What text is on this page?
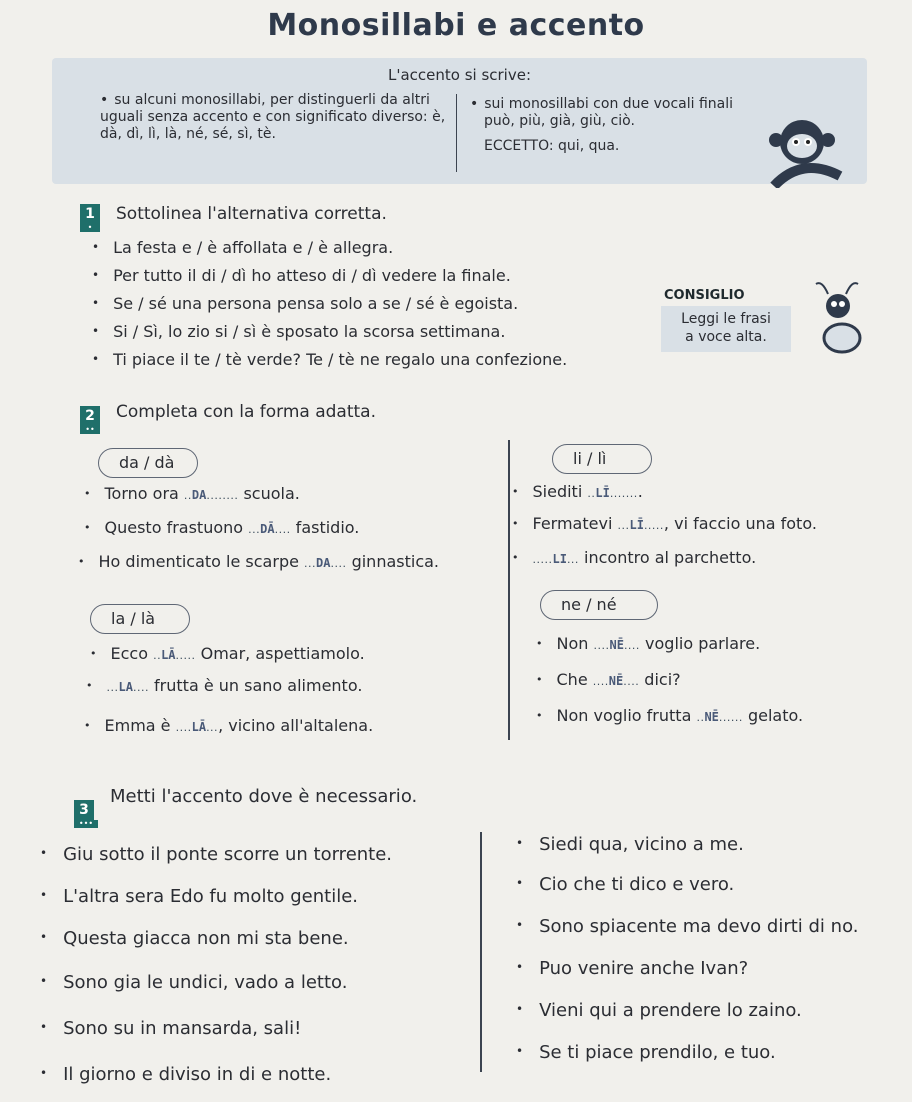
Monosillabi e accento
L'accento si scrive:
• su alcuni monosillabi, per distinguerli da altri uguali senza accento e con significato diverso: è, dà, dì, lì, là, né, sé, sì, tè.
• sui monosillabi con due vocali finali
può, più, già, giù, ciò.
ECCETTO: qui, qua.
1
•
Sottolinea l'alternativa corretta.
• La festa e / è affollata e / è allegra.
• Per tutto il di / dì ho atteso di / dì vedere la finale.
• Se / sé una persona pensa solo a se / sé è egoista.
• Si / Sì, lo zio si / sì è sposato la scorsa settimana.
• Ti piace il te / tè verde? Te / tè ne regalo una confezione.
CONSIGLIO
Leggi le frasi
a voce alta.
2
••
Completa con la forma adatta.
da / dà
• Torno ora ..DA........ scuola.
• Questo frastuono ...DĀ.... fastidio.
• Ho dimenticato le scarpe ...DA.... ginnastica.
li / lì
• Siediti ..LĪ........
• Fermatevi ...LĪ....., vi faccio una foto.
• .....LI... incontro al parchetto.
la / là
• Ecco ..LĀ..... Omar, aspettiamolo.
• ...LA.... frutta è un sano alimento.
• Emma è ....LĀ..., vicino all'altalena.
ne / né
• Non ....NĒ.... voglio parlare.
• Che ....NĒ.... dici?
• Non voglio frutta ..NĒ...... gelato.
3
•••
Metti l'accento dove è necessario.
• Giu sotto il ponte scorre un torrente.
• L'altra sera Edo fu molto gentile.
• Questa giacca non mi sta bene.
• Sono gia le undici, vado a letto.
• Sono su in mansarda, sali!
• Il giorno e diviso in di e notte.
• Siedi qua, vicino a me.
• Cio che ti dico e vero.
• Sono spiacente ma devo dirti di no.
• Puo venire anche Ivan?
• Vieni qui a prendere lo zaino.
• Se ti piace prendilo, e tuo.
